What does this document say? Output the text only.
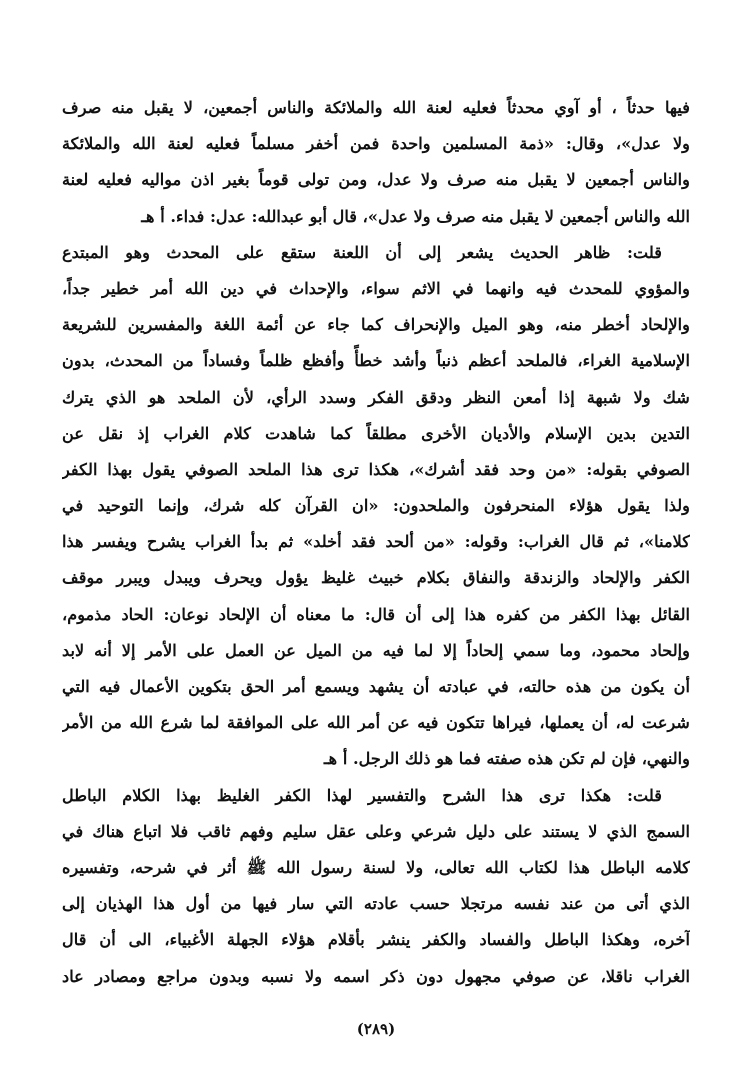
فيها حدثاً ، أو آوي محدثاً فعليه لعنة الله والملائكة والناس أجمعين، لا يقبل منه صرف
ولا عدل»، وقال: «ذمة المسلمين واحدة فمن أخفر مسلماً فعليه لعنة الله والملائكة
والناس أجمعين لا يقبل منه صرف ولا عدل، ومن تولى قوماً بغير اذن مواليه فعليه لعنة
الله والناس أجمعين لا يقبل منه صرف ولا عدل»، قال أبو عبدالله: عدل: فداء. أ هـ
قلت: ظاهر الحديث يشعر إلى أن اللعنة ستقع على المحدث وهو المبتدع
والمؤوي للمحدث فيه وانهما في الاثم سواء، والإحداث في دين الله أمر خطير جداً،
والإلحاد أخطر منه، وهو الميل والإنحراف كما جاء عن أئمة اللغة والمفسرين للشريعة
الإسلامية الغراء، فالملحد أعظم ذنباً وأشد خطأً وأفظع ظلماً وفساداً من المحدث، بدون
شك ولا شبهة إذا أمعن النظر ودقق الفكر وسدد الرأي، لأن الملحد هو الذي يترك
التدين بدين الإسلام والأديان الأخرى مطلقاً كما شاهدت كلام الغراب إذ نقل عن
الصوفي بقوله: «من وحد فقد أشرك»، هكذا ترى هذا الملحد الصوفي يقول بهذا الكفر
ولذا يقول هؤلاء المنحرفون والملحدون: «ان القرآن كله شرك، وإنما التوحيد في
كلامنا»، ثم قال الغراب: وقوله: «من ألحد فقد أخلد» ثم بدأ الغراب يشرح ويفسر هذا
الكفر والإلحاد والزندقة والنفاق بكلام خبيث غليظ يؤول ويحرف ويبدل ويبرر موقف
القائل بهذا الكفر من كفره هذا إلى أن قال: ما معناه أن الإلحاد نوعان: الحاد مذموم،
وإلحاد محمود، وما سمي إلحاداً إلا لما فيه من الميل عن العمل على الأمر إلا أنه لابد
أن يكون من هذه حالته، في عبادته أن يشهد ويسمع أمر الحق بتكوين الأعمال فيه التي
شرعت له، أن يعملها، فيراها تتكون فيه عن أمر الله على الموافقة لما شرع الله من الأمر
والنهي، فإن لم تكن هذه صفته فما هو ذلك الرجل. أ هـ
قلت: هكذا ترى هذا الشرح والتفسير لهذا الكفر الغليظ بهذا الكلام الباطل
السمج الذي لا يستند على دليل شرعي وعلى عقل سليم وفهم ثاقب فلا اتباع هناك في
كلامه الباطل هذا لكتاب الله تعالى، ولا لسنة رسول الله ﷺ أثر في شرحه، وتفسيره
الذي أتى من عند نفسه مرتجلا حسب عادته التي سار فيها من أول هذا الهذيان إلى
آخره، وهكذا الباطل والفساد والكفر ينشر بأقلام هؤلاء الجهلة الأغبياء، الى أن قال
الغراب ناقلا، عن صوفي مجهول دون ذكر اسمه ولا نسبه وبدون مراجع ومصادر عاد
(٢٨٩)
